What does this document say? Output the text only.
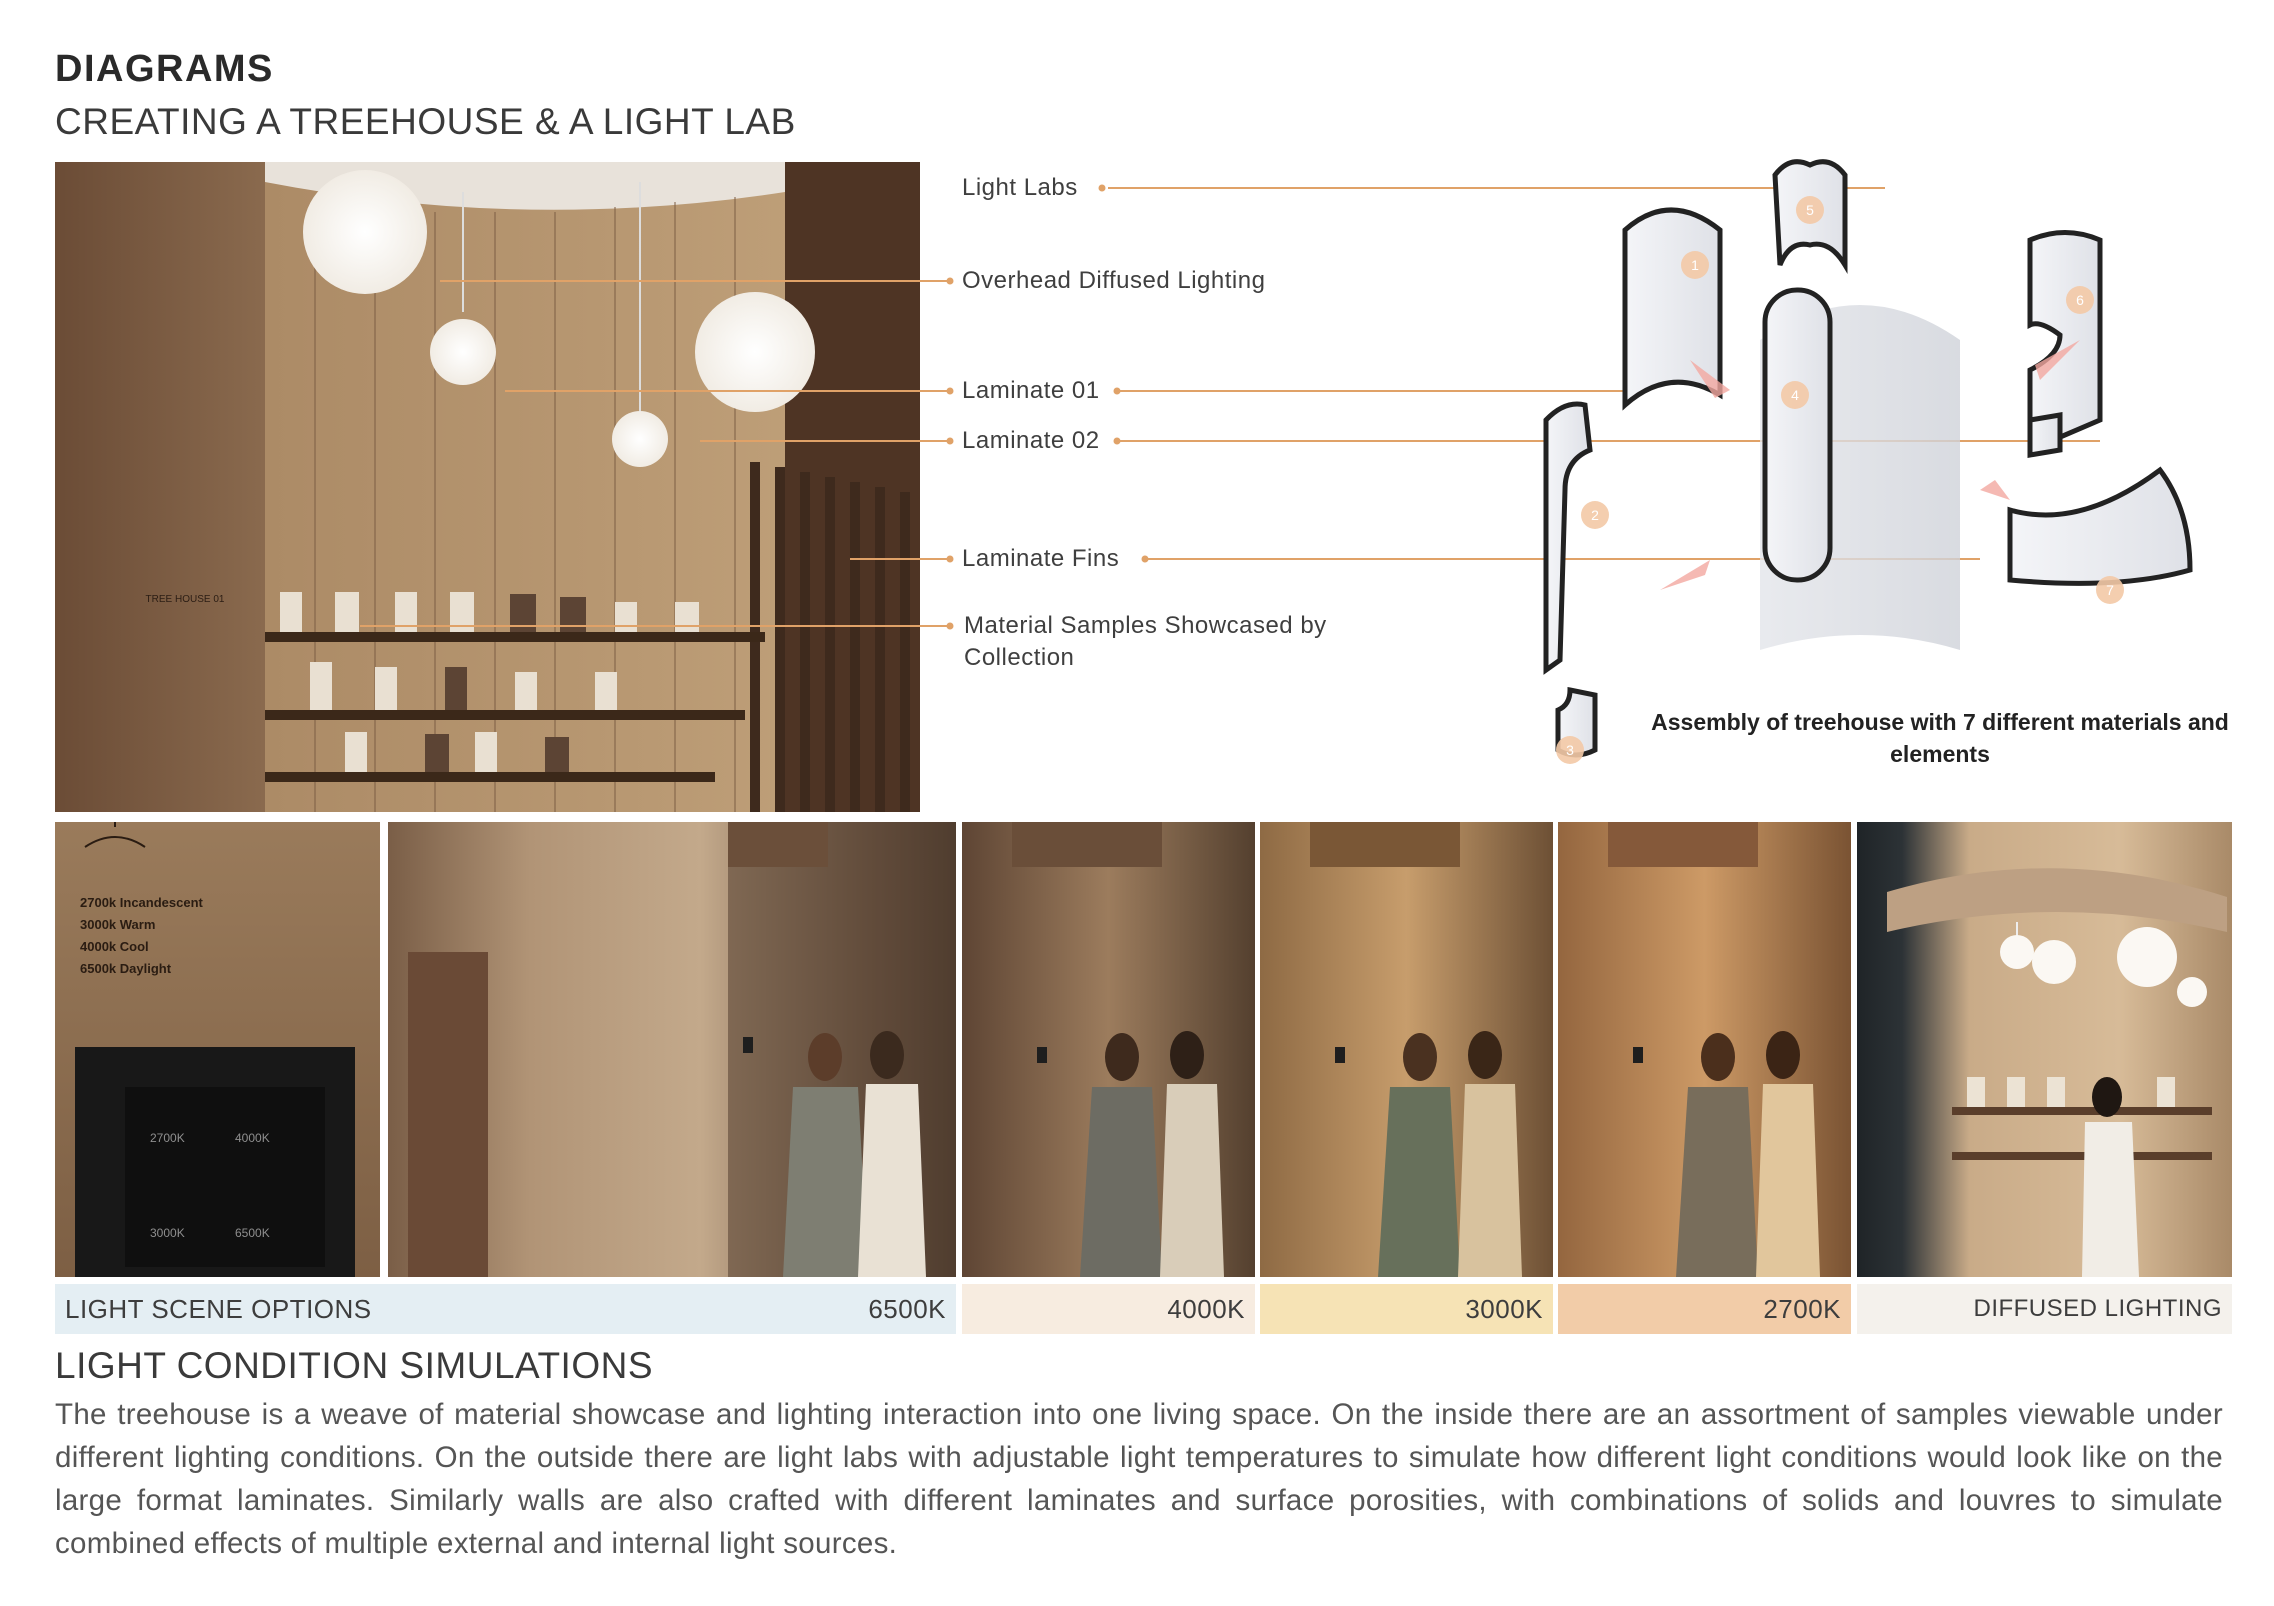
DIAGRAMS
CREATING A TREEHOUSE & A LIGHT LAB
TREE HOUSE 01
Light Labs
Overhead Diffused Lighting
Laminate 01
Laminate 02
Laminate Fins
Material Samples Showcased by Collection
1
2
3
4
5
6
7
Assembly of treehouse with 7 different materials and elements
2700k Incandescent
3000k Warm
4000k Cool
6500k Daylight
2700K	4000K
3000K	6500K
LIGHT SCENE OPTIONS	6500K	4000K	3000K	2700K	DIFFUSED LIGHTING
LIGHT CONDITION SIMULATIONS
The treehouse is a weave of material showcase and lighting interaction into one living space. On the inside there are an assortment of samples viewable under different lighting conditions. On the outside there are light labs with adjustable light temperatures to simulate how different light conditions would look like on the large format laminates. Similarly walls are also crafted with different laminates and surface porosities, with combinations of solids and louvres to simulate combined effects of multiple external and internal light sources.
